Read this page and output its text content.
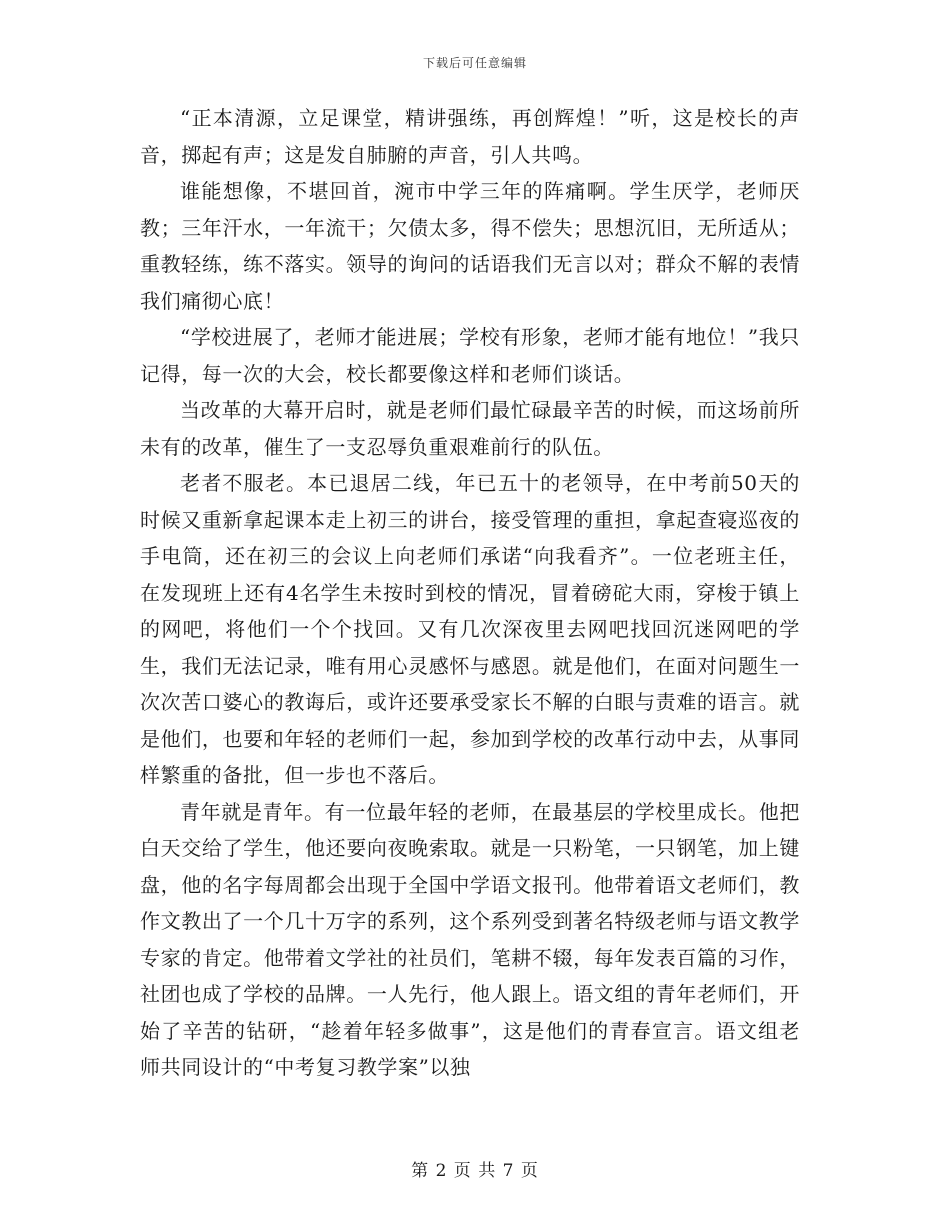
下载后可任意编辑

“正本清源，立足课堂，精讲强练，再创辉煌！”听，这是校长的声音，掷起有声；这是发自肺腑的声音，引人共鸣。

谁能想像，不堪回首，涴市中学三年的阵痛啊。学生厌学，老师厌教；三年汗水，一年流干；欠债太多，得不偿失；思想沉旧，无所适从；重教轻练，练不落实。领导的询问的话语我们无言以对；群众不解的表情我们痛彻心底！

“学校进展了，老师才能进展；学校有形象，老师才能有地位！”我只记得，每一次的大会，校长都要像这样和老师们谈话。

当改革的大幕开启时，就是老师们最忙碌最辛苦的时候，而这场前所未有的改革，催生了一支忍辱负重艰难前行的队伍。

老者不服老。本已退居二线，年已五十的老领导，在中考前50天的时候又重新拿起课本走上初三的讲台，接受管理的重担，拿起查寝巡夜的手电筒，还在初三的会议上向老师们承诺“向我看齐”。一位老班主任，在发现班上还有4名学生未按时到校的情况，冒着磅砣大雨，穿梭于镇上的网吧，将他们一个个找回。又有几次深夜里去网吧找回沉迷网吧的学生，我们无法记录，唯有用心灵感怀与感恩。就是他们，在面对问题生一次次苦口婆心的教诲后，或许还要承受家长不解的白眼与责难的语言。就是他们，也要和年轻的老师们一起，参加到学校的改革行动中去，从事同样繁重的备批，但一步也不落后。

青年就是青年。有一位最年轻的老师，在最基层的学校里成长。他把白天交给了学生，他还要向夜晚索取。就是一只粉笔，一只钢笔，加上键盘，他的名字每周都会出现于全国中学语文报刊。他带着语文老师们，教作文教出了一个几十万字的系列，这个系列受到著名特级老师与语文教学专家的肯定。他带着文学社的社员们，笔耕不辍，每年发表百篇的习作，社团也成了学校的品牌。一人先行，他人跟上。语文组的青年老师们，开始了辛苦的钻研，“趁着年轻多做事”，这是他们的青春宣言。语文组老师共同设计的“中考复习教学案”以独

第 2 页 共 7 页
